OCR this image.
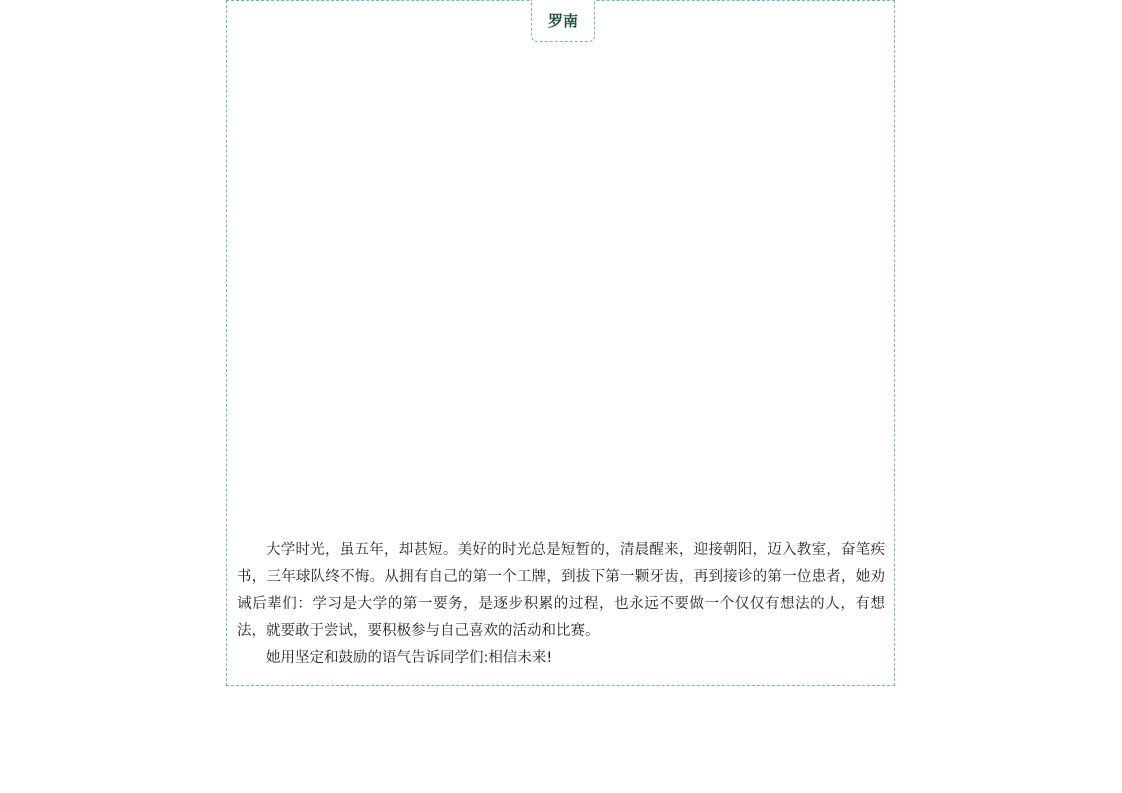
罗南

大学时光，虽五年，却甚短。美好的时光总是短暂的，清晨醒来，迎接朝阳，迈入教室，奋笔疾书，三年球队终不悔。从拥有自己的第一个工牌，到拔下第一颗牙齿，再到接诊的第一位患者，她劝诫后辈们：学习是大学的第一要务，是逐步积累的过程，也永远不要做一个仅仅有想法的人，有想法，就要敢于尝试，要积极参与自己喜欢的活动和比赛。

她用坚定和鼓励的语气告诉同学们:相信未来!
